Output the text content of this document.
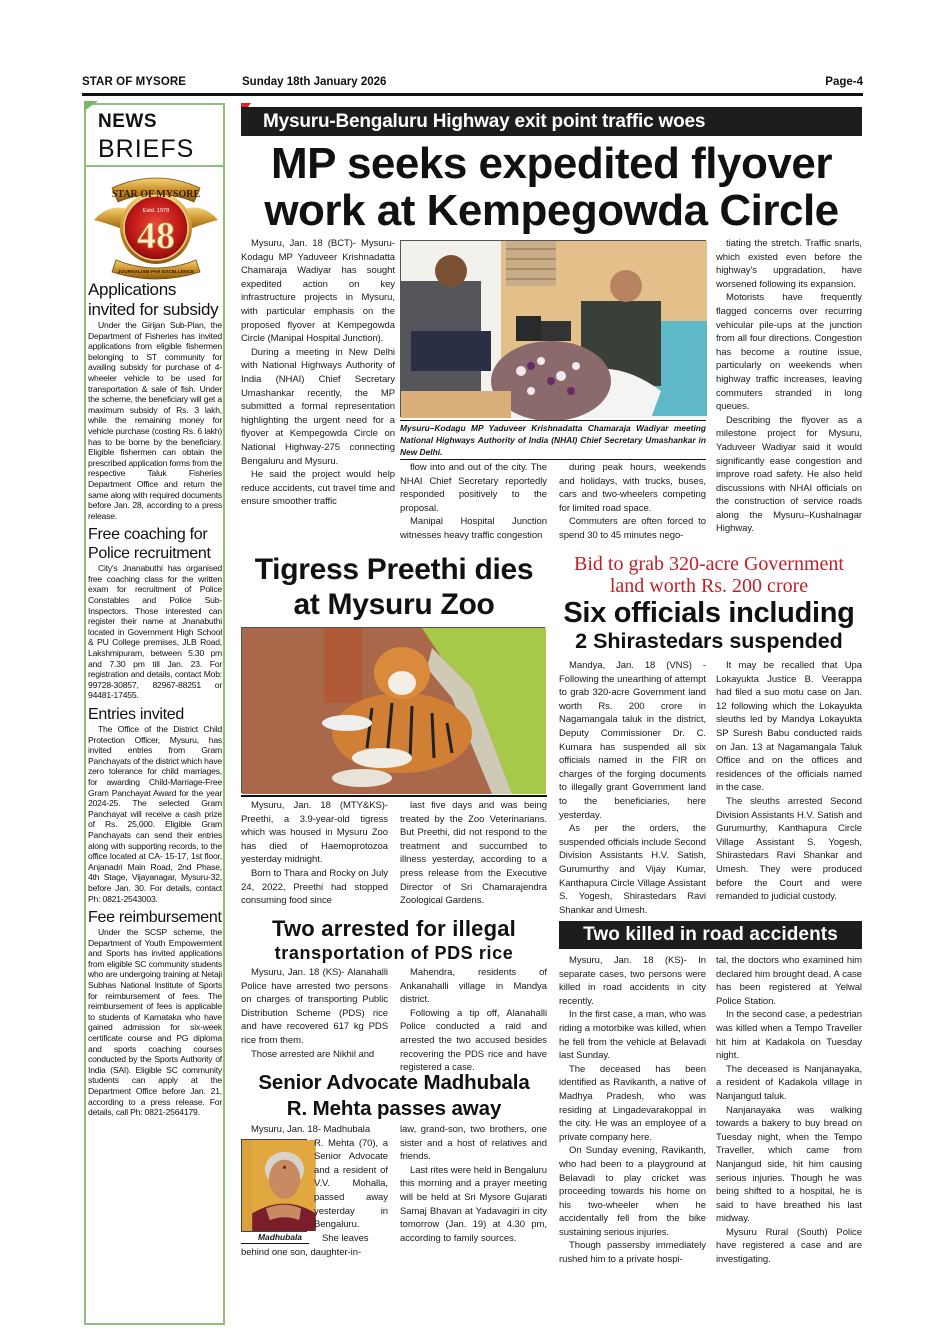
STAR OF MYSORE	Sunday 18th January 2026	Page-4
NEWS
BRIEFS
STAR OF MYSORE
Estd. 1978
48
JOURNALISM PAR EXCELLENCE
Applications
invited for subsidy

Under the Girijan Sub-Plan, the Department of Fisheries has invited applications from eligible fishermen belonging to ST community for availing subsidy for purchase of 4-wheeler vehicle to be used for transportation & sale of fish. Under the scheme, the beneficiary will get a maximum subsidy of Rs. 3 lakh, while the remaining money for vehicle purchase (costing Rs. 6 lakh) has to be borne by the beneficiary. Eligible fishermen can obtain the prescribed application forms from the respective Taluk Fisheries Department Office and return the same along with required documents before Jan. 28, according to a press release.

Free coaching for
Police recruitment

City's Jnanabuthi has organised free coaching class for the written exam for recruitment of Police Constables and Police Sub-Inspectors. Those interested can register their name at Jnanabuthi located in Government High School & PU College premises, JLB Road, Lakshmipuram, between 5.30 pm and 7.30 pm till Jan. 23. For registration and details, contact Mob: 99728-30857, 82967-88251 or 94481-17455.

Entries invited

The Office of the District Child Protection Officer, Mysuru, has invited entries from Gram Panchayats of the district which have zero tolerance for child marriages, for awarding Child-Marriage-Free Gram Panchayat Award for the year 2024-25. The selected Gram Panchayat will receive a cash prize of Rs. 25,000. Eligible Gram Panchayats can send their entries along with supporting records, to the office located at CA- 15-17, 1st floor, Anjanadri Main Road, 2nd Phase, 4th Stage, Vijayanagar, Mysuru-32, before Jan. 30. For details, contact Ph: 0821-2543003.

Fee reimbursement

Under the SCSP scheme, the Department of Youth Empowerment and Sports has invited applications from eligible SC community students who are undergoing training at Netaji Subhas National Institute of Sports for reimbursement of fees. The reimbursement of fees is applicable to students of Karnataka who have gained admission for six-week certificate course and PG diploma and sports coaching courses conducted by the Sports Authority of India (SAI). Eligible SC community students can apply at the Department Office before Jan. 21, according to a press release. For details, call Ph: 0821-2564179.

Mysuru-Bengaluru Highway exit point traffic woes
MP seeks expedited flyover
work at Kempegowda Circle

Mysuru, Jan. 18 (BCT)- Mysuru-Kodagu MP Yaduveer Krishnadatta Chamaraja Wadiyar has sought expedited action on key infrastructure projects in Mysuru, with particular emphasis on the proposed flyover at Kempegowda Circle (Manipal Hospital Junction).

During a meeting in New Delhi with National Highways Authority of India (NHAI) Chief Secretary Umashankar recently, the MP submitted a formal representation highlighting the urgent need for a flyover at Kempegowda Circle on National Highway-275 connecting Bengaluru and Mysuru.

He said the project would help reduce accidents, cut travel time and ensure smoother traffic

Mysuru–Kodagu MP Yaduveer Krishnadatta Chamaraja Wadiyar meeting National Highways Authority of India (NHAI) Chief Secretary Umashankar in New Delhi.

flow into and out of the city. The NHAI Chief Secretary reportedly responded positively to the proposal.

Manipal Hospital Junction witnesses heavy traffic congestion

during peak hours, weekends and holidays, with trucks, buses, cars and two-wheelers competing for limited road space.

Commuters are often forced to spend 30 to 45 minutes nego-

tiating the stretch. Traffic snarls, which existed even before the highway's upgradation, have worsened following its expansion.

Motorists have frequently flagged concerns over recurring vehicular pile-ups at the junction from all four directions. Congestion has become a routine issue, particularly on weekends when highway traffic increases, leaving commuters stranded in long queues.

Describing the flyover as a milestone project for Mysuru, Yaduveer Wadiyar said it would significantly ease congestion and improve road safety. He also held discussions with NHAI officials on the construction of service roads along the Mysuru–Kushalnagar Highway.

Tigress Preethi dies
at Mysuru Zoo

Mysuru, Jan. 18 (MTY&KS)- Preethi, a 3.9-year-old tigress which was housed in Mysuru Zoo has died of Haemoprotozoa yesterday midnight.

Born to Thara and Rocky on July 24, 2022, Preethi had stopped consuming food since

last five days and was being treated by the Zoo Veterinarians. But Preethi, did not respond to the treatment and succumbed to illness yesterday, according to a press release from the Executive Director of Sri Chamarajendra Zoological Gardens.

Bid to grab 320-acre Government
land worth Rs. 200 crore
Six officials including
2 Shirastedars suspended

Mandya, Jan. 18 (VNS) - Following the unearthing of attempt to grab 320-acre Government land worth Rs. 200 crore in Nagamangala taluk in the district, Deputy Commissioner Dr. C. Kumara has suspended all six officials named in the FIR on charges of the forging documents to illegally grant Government land to the beneficiaries, here yesterday.

As per the orders, the suspended officials include Second Division Assistants H.V. Satish, Gurumurthy and Vijay Kumar, Kanthapura Circle Village Assistant S. Yogesh, Shirastedars Ravi Shankar and Umesh.

It may be recalled that Upa Lokayukta Justice B. Veerappa had filed a suo motu case on Jan. 12 following which the Lokayukta sleuths led by Mandya Lokayukta SP Suresh Babu conducted raids on Jan. 13 at Nagamangala Taluk Office and on the offices and residences of the officials named in the case.

The sleuths arrested Second Division Assistants H.V. Satish and Gurumurthy, Kanthapura Circle Village Assistant S. Yogesh, Shirastedars Ravi Shankar and Umesh. They were produced before the Court and were remanded to judicial custody.

Two arrested for illegal
transportation of PDS rice

Mysuru, Jan. 18 (KS)- Alanahalli Police have arrested two persons on charges of transporting Public Distribution Scheme (PDS) rice and have recovered 617 kg PDS rice from them.

Those arrested are Nikhil and

Mahendra, residents of Ankanahalli village in Mandya district.

Following a tip off, Alanahalli Police conducted a raid and arrested the two accused besides recovering the PDS rice and have registered a case.

Senior Advocate Madhubala
R. Mehta passes away
Mysuru, Jan. 18- Madhubala
Madhubala

R. Mehta (70), a Senior Advocate and a resident of V.V. Mohalla, passed away yesterday in Bengaluru.

She leaves

behind one son, daughter-in-

law, grand-son, two brothers, one sister and a host of relatives and friends.

Last rites were held in Bengaluru this morning and a prayer meeting will be held at Sri Mysore Gujarati Samaj Bhavan at Yadavagiri in city tomorrow (Jan. 19) at 4.30 pm, according to family sources.

Two killed in road accidents

Mysuru, Jan. 18 (KS)- In separate cases, two persons were killed in road accidents in city recently.

In the first case, a man, who was riding a motorbike was killed, when he fell from the vehicle at Belavadi last Sunday.

The deceased has been identified as Ravikanth, a native of Madhya Pradesh, who was residing at Lingadevarakoppal in the city. He was an employee of a private company here.

On Sunday evening, Ravikanth, who had been to a playground at Belavadi to play cricket was proceeding towards his home on his two-wheeler when he accidentally fell from the bike sustaining serious injuries.

Though passersby immediately rushed him to a private hospi-

tal, the doctors who examined him declared him brought dead. A case has been registered at Yelwal Police Station.

In the second case, a pedestrian was killed when a Tempo Traveller hit him at Kadakola on Tuesday night.

The deceased is Nanjanayaka, a resident of Kadakola village in Nanjangud taluk.

Nanjanayaka was walking towards a bakery to buy bread on Tuesday night, when the Tempo Traveller, which came from Nanjangud side, hit him causing serious injuries. Though he was being shifted to a hospital, he is said to have breathed his last midway.

Mysuru Rural (South) Police have registered a case and are investigating.
